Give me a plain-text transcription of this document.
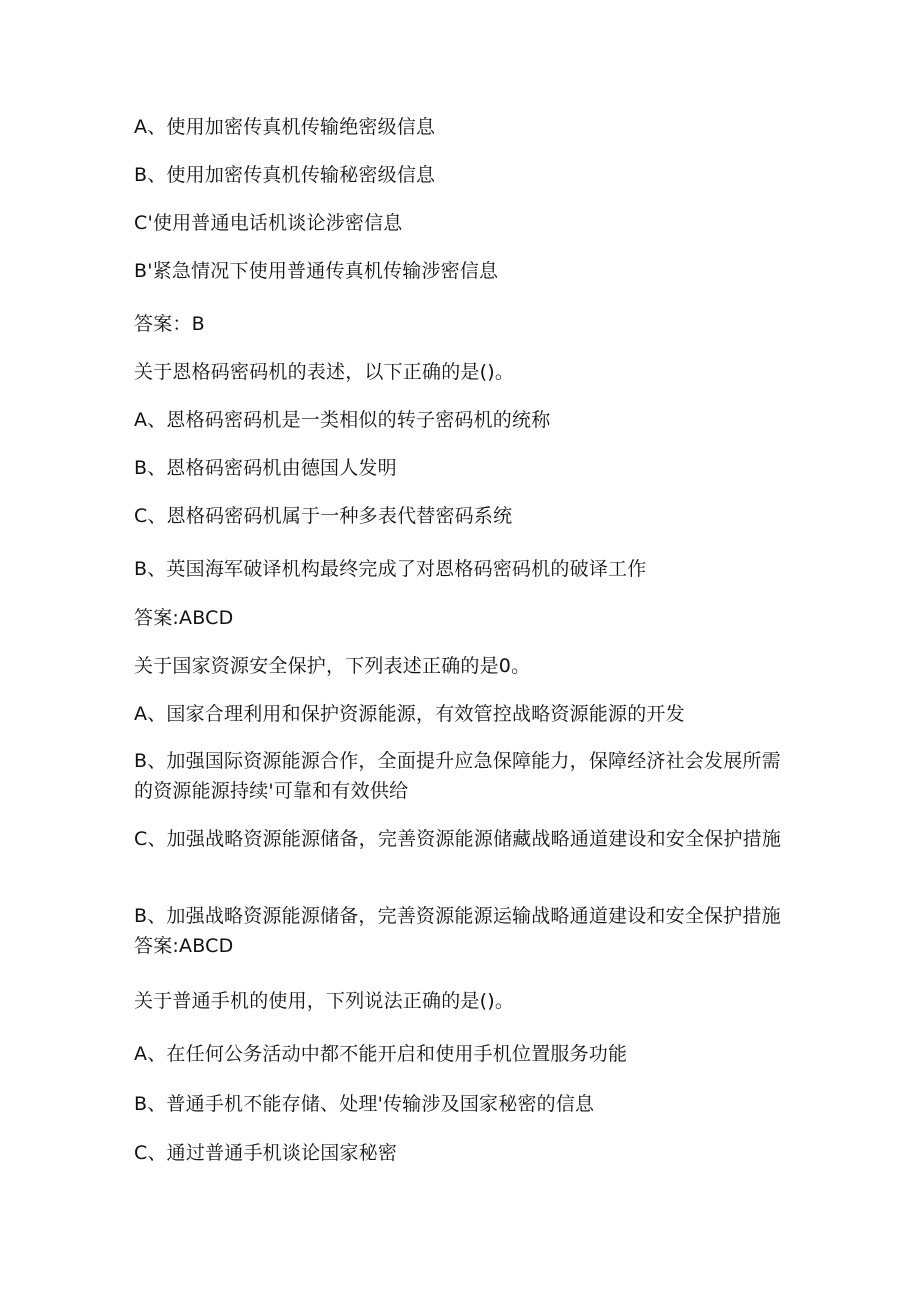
A、使用加密传真机传输绝密级信息
B、使用加密传真机传输秘密级信息
C'使用普通电话机谈论涉密信息
B'紧急情况下使用普通传真机传输涉密信息
答案：B
关于恩格码密码机的表述，以下正确的是()。
A、恩格码密码机是一类相似的转子密码机的统称
B、恩格码密码机由德国人发明
C、恩格码密码机属于一种多表代替密码系统
B、英国海军破译机构最终完成了对恩格码密码机的破译工作
答案:ABCD
关于国家资源安全保护，下列表述正确的是0。
A、国家合理利用和保护资源能源，有效管控战略资源能源的开发
B、加强国际资源能源合作，全面提升应急保障能力，保障经济社会发展所需的资源能源持续'可靠和有效供给
C、加强战略资源能源储备，完善资源能源储藏战略通道建设和安全保护措施
B、加强战略资源能源储备，完善资源能源运输战略通道建设和安全保护措施答案:ABCD
关于普通手机的使用，下列说法正确的是()。
A、在任何公务活动中都不能开启和使用手机位置服务功能
B、普通手机不能存储、处理'传输涉及国家秘密的信息
C、通过普通手机谈论国家秘密
